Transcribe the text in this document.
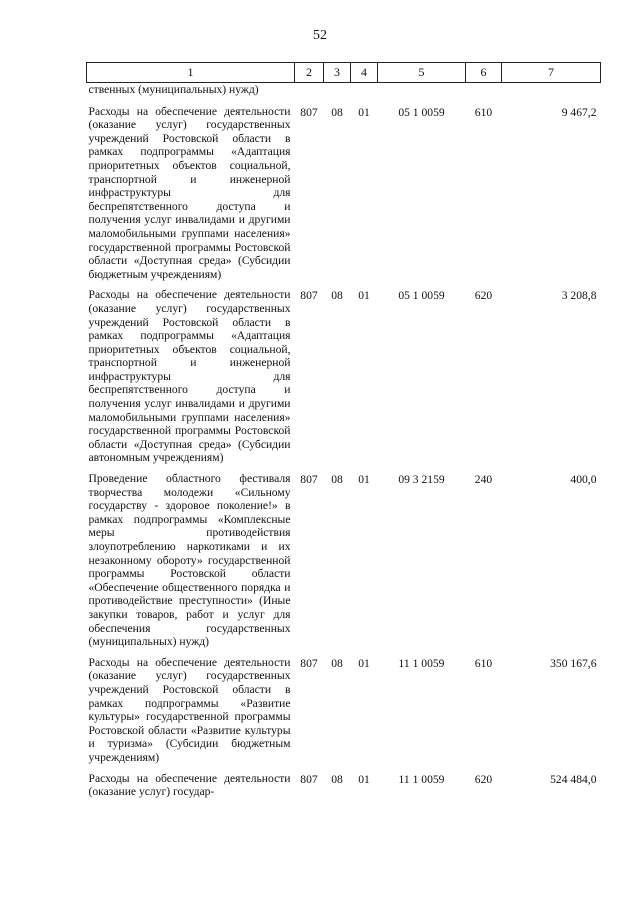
52
1	2	3	4	5	6	7
ственных (муниципальных) нужд)						
Расходы на обеспечение деятельности (оказание услуг) государственных учреждений Ростовской области в рамках подпрограммы «Адаптация приоритетных объектов социальной, транспортной и инженерной инфраструктуры для беспрепятственного доступа и получения услуг инвалидами и другими маломобильными группами населения» государственной программы Ростовской области «Доступная среда» (Субсидии бюджетным учреждениям)	807	08	01	05 1 0059	610	9 467,2
Расходы на обеспечение деятельности (оказание услуг) государственных учреждений Ростовской области в рамках подпрограммы «Адаптация приоритетных объектов социальной, транспортной и инженерной инфраструктуры для беспрепятственного доступа и получения услуг инвалидами и другими маломобильными группами населения» государственной программы Ростовской области «Доступная среда» (Субсидии автономным учреждениям)	807	08	01	05 1 0059	620	3 208,8
Проведение областного фестиваля творчества молодежи «Сильному государству - здоровое поколение!» в рамках подпрограммы «Комплексные меры противодействия злоупотреблению наркотиками и их незаконному обороту» государственной программы Ростовской области «Обеспечение общественного порядка и противодействие преступности» (Иные закупки товаров, работ и услуг для обеспечения государственных (муниципальных) нужд)	807	08	01	09 3 2159	240	400,0
Расходы на обеспечение деятельности (оказание услуг) государственных учреждений Ростовской области в рамках подпрограммы «Развитие культуры» государственной программы Ростовской области «Развитие культуры и туризма» (Субсидии бюджетным учреждениям)	807	08	01	11 1 0059	610	350 167,6
Расходы на обеспечение деятельности (оказание услуг) государ-	807	08	01	11 1 0059	620	524 484,0
